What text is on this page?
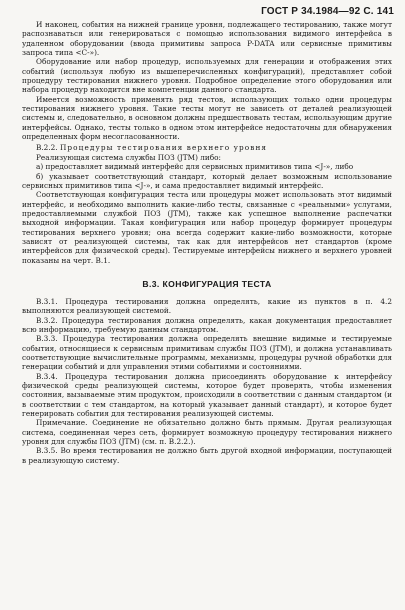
ГОСТ Р 34.1984—92 С. 141

И наконец, события на нижней границе уровня, подлежащего тестированию, также могут распознаваться или генерироваться с помощью использования видимого интерфейса в удаленном оборудовании (ввода примитивы запроса P-DATA или сервисные примитивы запроса типа <С-»).

Оборудование или набор процедур, используемых для генерации и отображения этих событий (используя любую из вышеперечисленных конфигураций), представляет собой процедуру тестирования нижнего уровня. Подробное определение этого оборудования или набора процедур находится вне компетенции данного стандарта.

Имеется возможность применять ряд тестов, использующих только одни процедуры тестирования нижнего уровня. Такие тесты могут не зависеть от деталей реализующей системы и, следовательно, в основном должны предшествовать тестам, использующим другие интерфейсы. Однако, тесты только в одном этом интерфейсе недостаточны для обнаружения определенных форм несогласованности.

В.2.2. Процедуры тестирования верхнего уровня

Реализующая система службы ПОЗ (JTM) либо:

а) предоставляет видимый интерфейс для сервисных примитивов типа <J-», либо

б) указывает соответствующий стандарт, который делает возможным использование сервисных примитивов типа <J-», и сама предоставляет видимый интерфейс.

Соответствующая конфигурация теста или процедуры может использовать этот видимый интерфейс, и необходимо выполнить какие-либо тесты, связанные с «реальными» услугами, предоставляемыми службой ПОЗ (JTM), также как успешное выполнение распечатки выходной информации. Такая конфигурация или набор процедур формирует процедуры тестирования верхнего уровня; она всегда содержит какие-либо возможности, которые зависят от реализующей системы, так как для интерфейсов нет стандартов (кроме интерфейсов для физической среды). Тестируемые интерфейсы нижнего и верхнего уровней показаны на черт. В.1.

В.3. КОНФИГУРАЦИЯ ТЕСТА

В.3.1. Процедура тестирования должна определять, какие из пунктов в п. 4.2 выполняются реализующей системой.

В.3.2. Процедура тестирования должна определять, какая документация предоставляет всю информацию, требуемую данным стандартом.

В.3.3. Процедура тестирования должна определять внешние видимые и тестируемые события, относящиеся к сервисным примитивам службы ПОЗ (JTM), и должна устанавливать соответствующие вычислительные программы, механизмы, процедуры ручной обработки для генерации событий и для управления этими событиями и состояниями.

В.3.4. Процедура тестирования должна присоединять оборудование к интерфейсу физической среды реализующей системы, которое будет проверять, чтобы изменения состояния, вызываемые этим продуктом, происходили в соответствии с данным стандартом (и в соответствии с тем стандартом, на который указывает данный стандарт), и которое будет генерировать события для тестирования реализующей системы.

Примечание. Соединение не обязательно должно быть прямым. Другая реализующая система, соединенная через сеть, формирует возможную процедуру тестирования нижнего уровня для службы ПОЗ (JTM) (см. п. В.2.2.).

В.3.5. Во время тестирования не должно быть другой входной информации, поступающей в реализующую систему.
